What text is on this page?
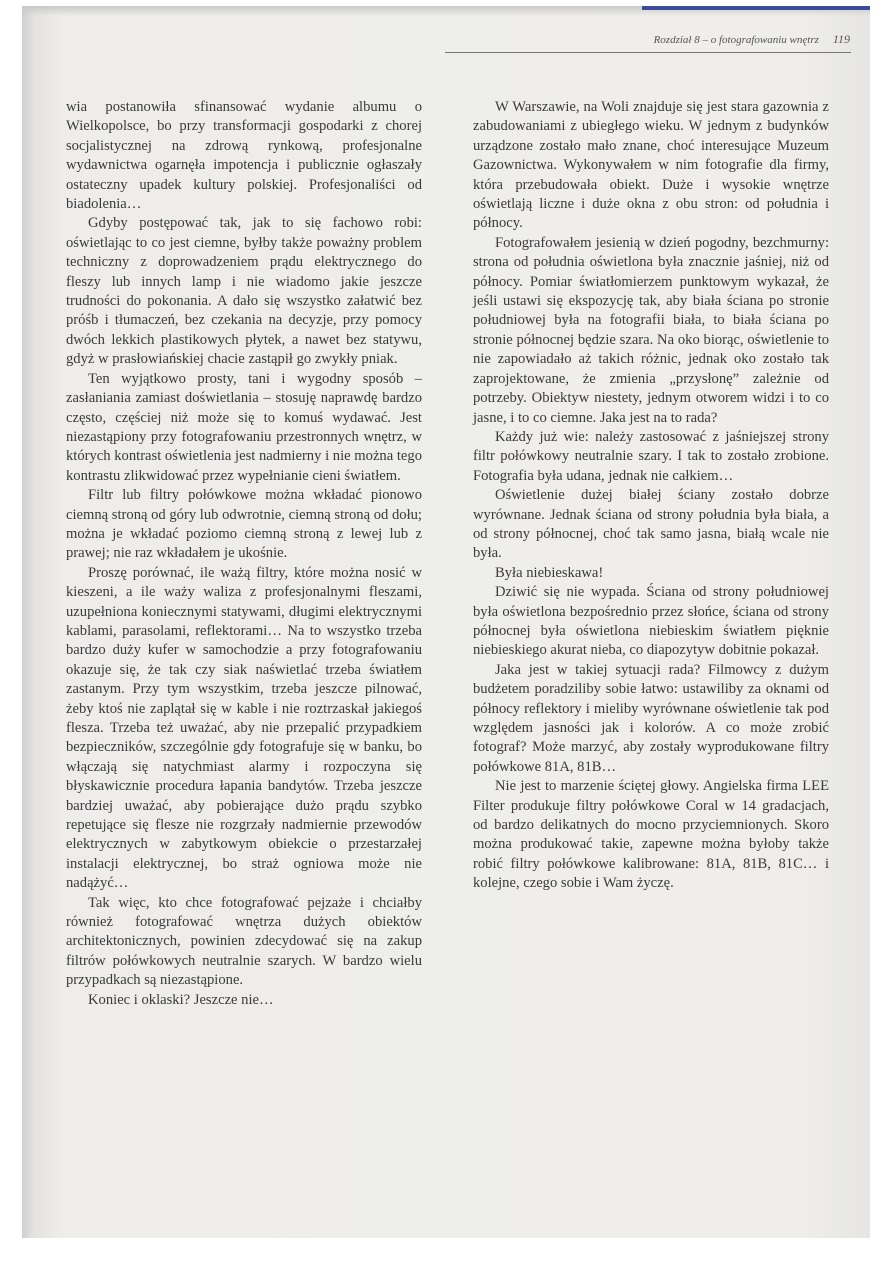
Rozdział 8 – o fotografowaniu wnętrz 119

wia postanowiła sfinansować wydanie albumu o Wielkopolsce, bo przy transformacji gospodarki z chorej socjalistycznej na zdrową rynkową, profesjonalne wydawnictwa ogarnęła impotencja i publicznie ogłaszały ostateczny upadek kultury polskiej. Profesjonaliści od biadolenia…

Gdyby postępować tak, jak to się fachowo robi: oświetlając to co jest ciemne, byłby także poważny problem techniczny z doprowadzeniem prądu elektrycznego do fleszy lub innych lamp i nie wiadomo jakie jeszcze trudności do pokonania. A dało się wszystko załatwić bez próśb i tłumaczeń, bez czekania na decyzje, przy pomocy dwóch lekkich plastikowych płytek, a nawet bez statywu, gdyż w prasłowiańskiej chacie zastąpił go zwykły pniak.

Ten wyjątkowo prosty, tani i wygodny sposób – zasłaniania zamiast doświetlania – stosuję naprawdę bardzo często, częściej niż może się to komuś wydawać. Jest niezastąpiony przy fotografowaniu przestronnych wnętrz, w których kontrast oświetlenia jest nadmierny i nie można tego kontrastu zlikwidować przez wypełnianie cieni światłem.

Filtr lub filtry połówkowe można wkładać pionowo ciemną stroną od góry lub odwrotnie, ciemną stroną od dołu; można je wkładać poziomo ciemną stroną z lewej lub z prawej; nie raz wkładałem je ukośnie.

Proszę porównać, ile ważą filtry, które można nosić w kieszeni, a ile waży waliza z profesjonalnymi fleszami, uzupełniona koniecznymi statywami, długimi elektrycznymi kablami, parasolami, reflektorami… Na to wszystko trzeba bardzo duży kufer w samochodzie a przy fotografowaniu okazuje się, że tak czy siak naświetlać trzeba światłem zastanym. Przy tym wszystkim, trzeba jeszcze pilnować, żeby ktoś nie zaplątał się w kable i nie roztrzaskał jakiegoś flesza. Trzeba też uważać, aby nie przepalić przypadkiem bezpieczników, szczególnie gdy fotografuje się w banku, bo włączają się natychmiast alarmy i rozpoczyna się błyskawicznie procedura łapania bandytów. Trzeba jeszcze bardziej uważać, aby pobierające dużo prądu szybko repetujące się flesze nie rozgrzały nadmiernie przewodów elektrycznych w zabytkowym obiekcie o przestarzałej instalacji elektrycznej, bo straż ogniowa może nie nadążyć…

Tak więc, kto chce fotografować pejzaże i chciałby również fotografować wnętrza dużych obiektów architektonicznych, powinien zdecydować się na zakup filtrów połówkowych neutralnie szarych. W bardzo wielu przypadkach są niezastąpione.

Koniec i oklaski? Jeszcze nie…

W Warszawie, na Woli znajduje się jest stara gazownia z zabudowaniami z ubiegłego wieku. W jednym z budynków urządzone zostało mało znane, choć interesujące Muzeum Gazownictwa. Wykonywałem w nim fotografie dla firmy, która przebudowała obiekt. Duże i wysokie wnętrze oświetlają liczne i duże okna z obu stron: od południa i północy.

Fotografowałem jesienią w dzień pogodny, bezchmurny: strona od południa oświetlona była znacznie jaśniej, niż od północy. Pomiar światłomierzem punktowym wykazał, że jeśli ustawi się ekspozycję tak, aby biała ściana po stronie południowej była na fotografii biała, to biała ściana po stronie północnej będzie szara. Na oko biorąc, oświetlenie to nie zapowiadało aż takich różnic, jednak oko zostało tak zaprojektowane, że zmienia „przysłonę” zależnie od potrzeby. Obiektyw niestety, jednym otworem widzi i to co jasne, i to co ciemne. Jaka jest na to rada?

Każdy już wie: należy zastosować z jaśniejszej strony filtr połówkowy neutralnie szary. I tak to zostało zrobione. Fotografia była udana, jednak nie całkiem…

Oświetlenie dużej białej ściany zostało dobrze wyrównane. Jednak ściana od strony południa była biała, a od strony północnej, choć tak samo jasna, białą wcale nie była.

Była niebieskawa!

Dziwić się nie wypada. Ściana od strony południowej była oświetlona bezpośrednio przez słońce, ściana od strony północnej była oświetlona niebieskim światłem pięknie niebieskiego akurat nieba, co diapozytyw dobitnie pokazał.

Jaka jest w takiej sytuacji rada? Filmowcy z dużym budżetem poradziliby sobie łatwo: ustawiliby za oknami od północy reflektory i mieliby wyrównane oświetlenie tak pod względem jasności jak i kolorów. A co może zrobić fotograf? Może marzyć, aby zostały wyprodukowane filtry połówkowe 81A, 81B…

Nie jest to marzenie ściętej głowy. Angielska firma LEE Filter produkuje filtry połówkowe Coral w 14 gradacjach, od bardzo delikatnych do mocno przyciemnionych. Skoro można produkować takie, zapewne można byłoby także robić filtry połówkowe kalibrowane: 81A, 81B, 81C… i kolejne, czego sobie i Wam życzę.
